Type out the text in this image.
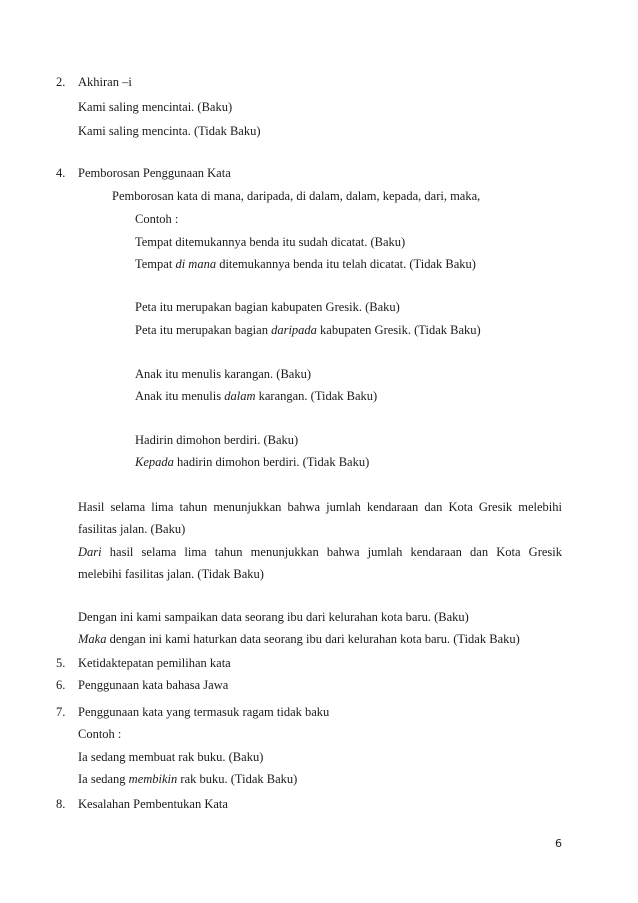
2. Akhiran –i
Kami saling mencintai. (Baku)
Kami saling mencinta. (Tidak Baku)
4. Pemborosan Penggunaan Kata
Pemborosan kata di mana, daripada, di dalam, dalam, kepada, dari, maka,
Contoh :
Tempat ditemukannya benda itu sudah dicatat. (Baku)
Tempat di mana ditemukannya benda itu telah dicatat. (Tidak Baku)
Peta itu merupakan bagian kabupaten Gresik. (Baku)
Peta itu merupakan bagian daripada kabupaten Gresik. (Tidak Baku)
Anak itu menulis karangan. (Baku)
Anak itu menulis dalam karangan. (Tidak Baku)
Hadirin dimohon berdiri. (Baku)
Kepada hadirin dimohon berdiri. (Tidak Baku)
Hasil selama lima tahun menunjukkan bahwa jumlah kendaraan dan Kota Gresik melebihi
fasilitas jalan. (Baku)
Dari hasil selama lima tahun menunjukkan bahwa jumlah kendaraan dan Kota Gresik
melebihi fasilitas jalan. (Tidak Baku)
Dengan ini kami sampaikan data seorang ibu dari kelurahan kota baru. (Baku)
Maka dengan ini kami haturkan data seorang ibu dari kelurahan kota baru. (Tidak Baku)
5. Ketidaktepatan pemilihan kata
6. Penggunaan kata bahasa Jawa
7. Penggunaan kata yang termasuk ragam tidak baku
Contoh :
Ia sedang membuat rak buku. (Baku)
Ia sedang membikin rak buku. (Tidak Baku)
8. Kesalahan Pembentukan Kata
6
